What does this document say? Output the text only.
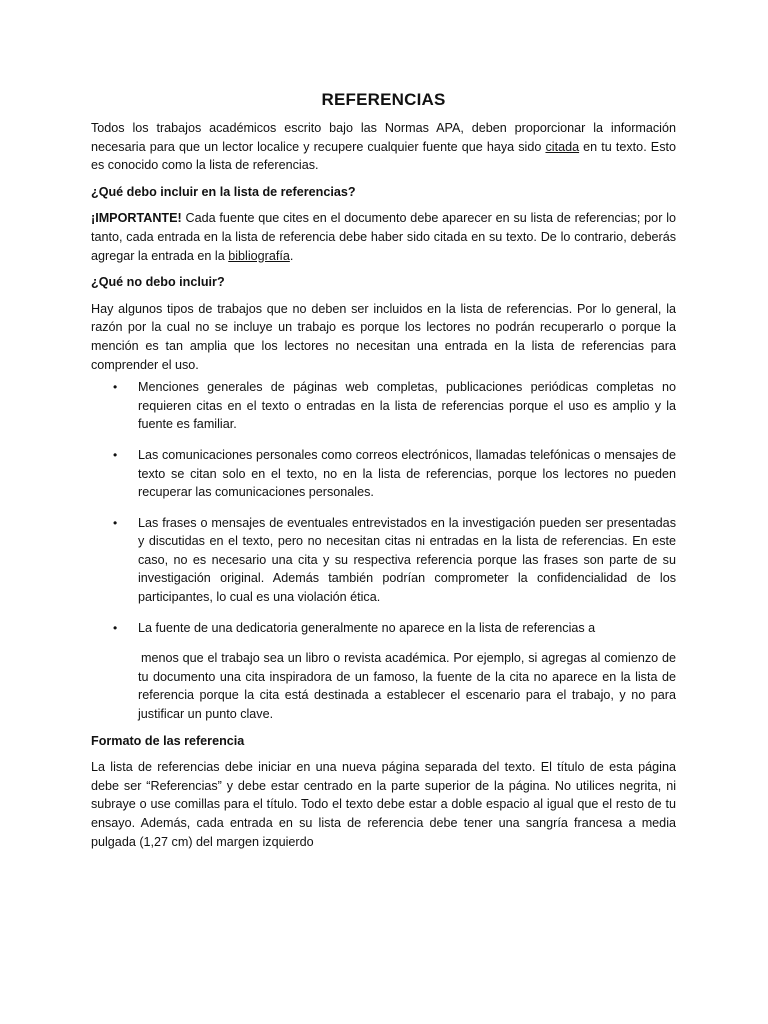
REFERENCIAS

Todos los trabajos académicos escrito bajo las Normas APA, deben proporcionar la información necesaria para que un lector localice y recupere cualquier fuente que haya sido citada en tu texto. Esto es conocido como la lista de referencias.

¿Qué debo incluir en la lista de referencias?

¡IMPORTANTE! Cada fuente que cites en el documento debe aparecer en su lista de referencias; por lo tanto, cada entrada en la lista de referencia debe haber sido citada en su texto. De lo contrario, deberás agregar la entrada en la bibliografía.

¿Qué no debo incluir?

Hay algunos tipos de trabajos que no deben ser incluidos en la lista de referencias. Por lo general, la razón por la cual no se incluye un trabajo es porque los lectores no podrán recuperarlo o porque la mención es tan amplia que los lectores no necesitan una entrada en la lista de referencias para comprender el uso.

• Menciones generales de páginas web completas, publicaciones periódicas completas no requieren citas en el texto o entradas en la lista de referencias porque el uso es amplio y la fuente es familiar.
• Las comunicaciones personales como correos electrónicos, llamadas telefónicas o mensajes de texto se citan solo en el texto, no en la lista de referencias, porque los lectores no pueden recuperar las comunicaciones personales.
• Las frases o mensajes de eventuales entrevistados en la investigación pueden ser presentadas y discutidas en el texto, pero no necesitan citas ni entradas en la lista de referencias. En este caso, no es necesario una cita y su respectiva referencia porque las frases son parte de su investigación original. Además también podrían comprometer la confidencialidad de los participantes, lo cual es una violación ética.
• La fuente de una dedicatoria generalmente no aparece en la lista de referencias a

menos que el trabajo sea un libro o revista académica. Por ejemplo, si agregas al comienzo de tu documento una cita inspiradora de un famoso, la fuente de la cita no aparece en la lista de referencia porque la cita está destinada a establecer el escenario para el trabajo, y no para justificar un punto clave.

Formato de las referencia

La lista de referencias debe iniciar en una nueva página separada del texto. El título de esta página debe ser “Referencias” y debe estar centrado en la parte superior de la página. No utilices negrita, ni subraye o use comillas para el título. Todo el texto debe estar a doble espacio al igual que el resto de tu ensayo. Además, cada entrada en su lista de referencia debe tener una sangría francesa a media pulgada (1,27 cm) del margen izquierdo
